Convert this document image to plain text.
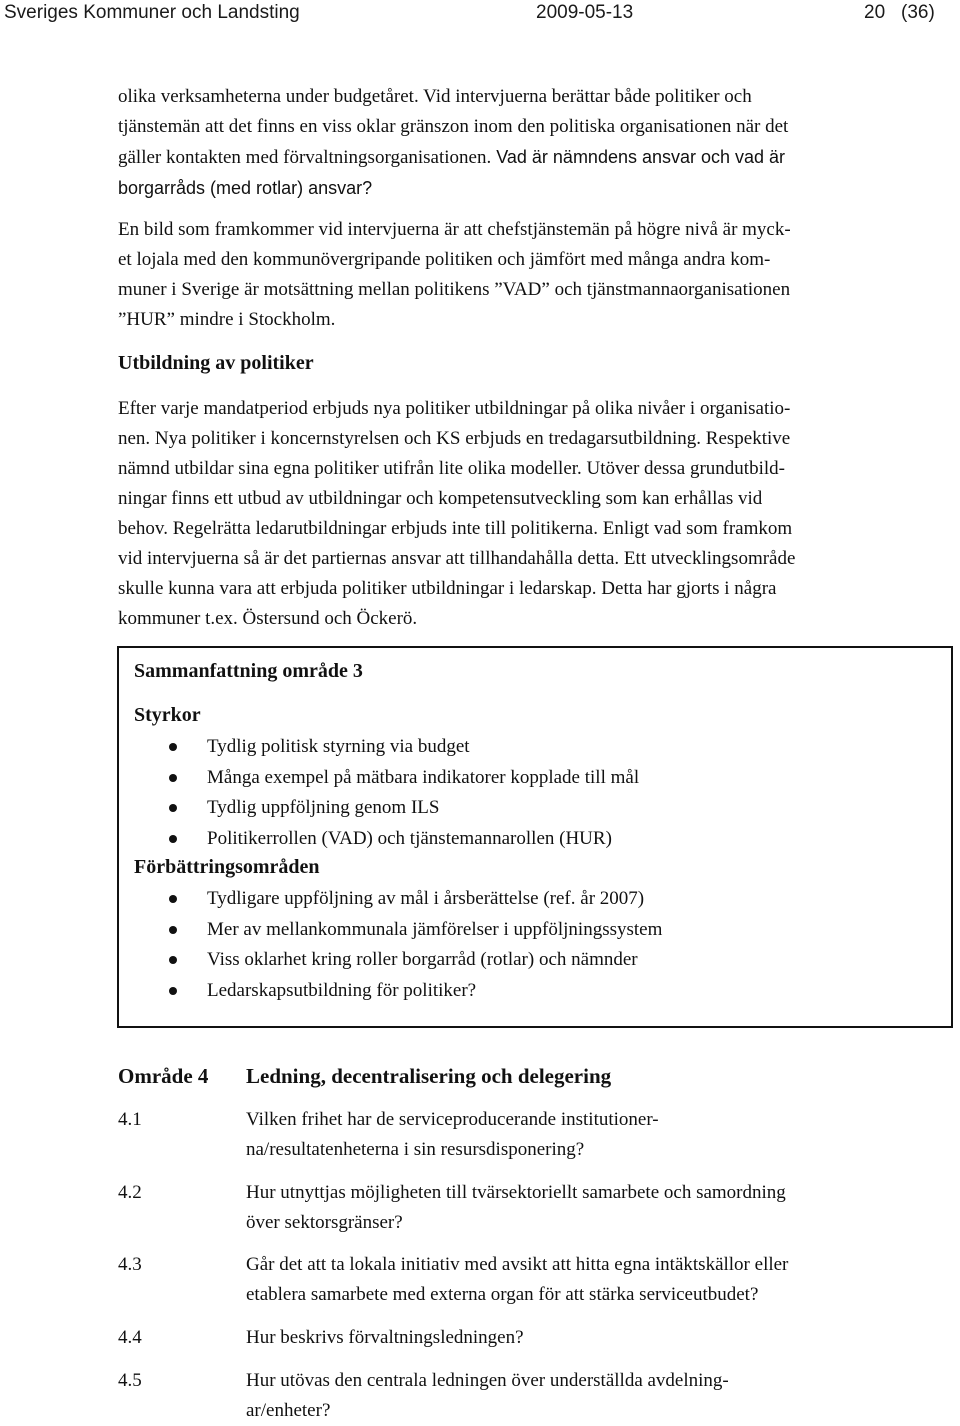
Sveriges Kommuner och Landsting	2009-05-13	20 (36)
olika verksamheterna under budgetåret. Vid intervjuerna berättar både politiker och
tjänstemän att det finns en viss oklar gränszon inom den politiska organisationen när det
gäller kontakten med förvaltningsorganisationen. Vad är nämndens ansvar och vad är
borgarråds (med rotlar) ansvar?
En bild som framkommer vid intervjuerna är att chefstjänstemän på högre nivå är myck-
et lojala med den kommunövergripande politiken och jämfört med många andra kom-
muner i Sverige är motsättning mellan politikens ”VAD” och tjänstmannaorganisationen
”HUR” mindre i Stockholm.
Utbildning av politiker
Efter varje mandatperiod erbjuds nya politiker utbildningar på olika nivåer i organisatio-
nen. Nya politiker i koncernstyrelsen och KS erbjuds en tredagarsutbildning. Respektive
nämnd utbildar sina egna politiker utifrån lite olika modeller. Utöver dessa grundutbild-
ningar finns ett utbud av utbildningar och kompetensutveckling som kan erhållas vid
behov. Regelrätta ledarutbildningar erbjuds inte till politikerna. Enligt vad som framkom
vid intervjuerna så är det partiernas ansvar att tillhandahålla detta. Ett utvecklingsområde
skulle kunna vara att erbjuda politiker utbildningar i ledarskap. Detta har gjorts i några
kommuner t.ex. Östersund och Öckerö.
Sammanfattning område 3
Styrkor
Tydlig politisk styrning via budget
Många exempel på mätbara indikatorer kopplade till mål
Tydlig uppföljning genom ILS
Politikerrollen (VAD) och tjänstemannarollen (HUR)
Förbättringsområden
Tydligare uppföljning av mål i årsberättelse (ref. år 2007)
Mer av mellankommunala jämförelser i uppföljningssystem
Viss oklarhet kring roller borgarråd (rotlar) och nämnder
Ledarskapsutbildning för politiker?
Område 4 Ledning, decentralisering och delegering
4.1	Vilken frihet har de serviceproducerande institutioner-
na/resultatenheterna i sin resursdisponering?
4.2	Hur utnyttjas möjligheten till tvärsektoriellt samarbete och samordning
över sektorsgränser?
4.3	Går det att ta lokala initiativ med avsikt att hitta egna intäktskällor eller
etablera samarbete med externa organ för att stärka serviceutbudet?
4.4	Hur beskrivs förvaltningsledningen?
4.5	Hur utövas den centrala ledningen över underställda avdelning-
ar/enheter?
